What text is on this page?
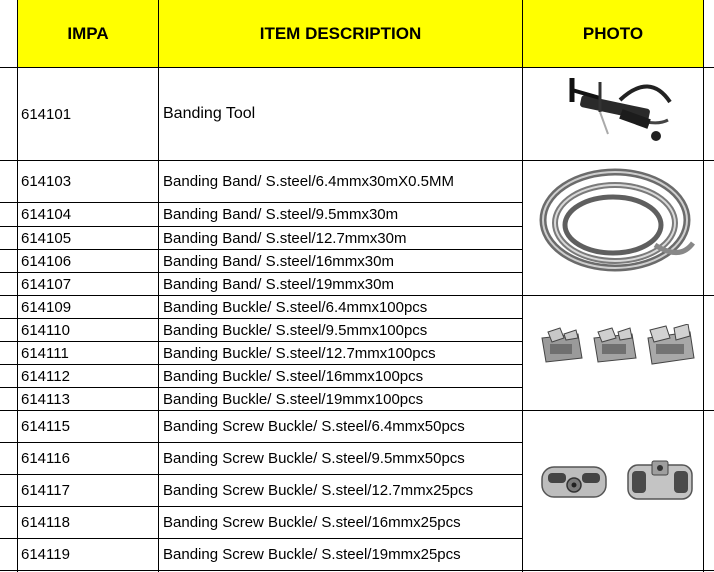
IMPA	ITEM DESCRIPTION	PHOTO
614101	Banding Tool
614103	Banding Band/ S.steel/6.4mmx30mX0.5MM
614104	Banding Band/ S.steel/9.5mmx30m
614105	Banding Band/ S.steel/12.7mmx30m
614106	Banding Band/ S.steel/16mmx30m
614107	Banding Band/ S.steel/19mmx30m
614109	Banding Buckle/ S.steel/6.4mmx100pcs
614110	Banding Buckle/ S.steel/9.5mmx100pcs
614111	Banding Buckle/ S.steel/12.7mmx100pcs
614112	Banding Buckle/ S.steel/16mmx100pcs
614113	Banding Buckle/ S.steel/19mmx100pcs
614115	Banding Screw Buckle/ S.steel/6.4mmx50pcs
614116	Banding Screw Buckle/ S.steel/9.5mmx50pcs
614117	Banding Screw Buckle/ S.steel/12.7mmx25pcs
614118	Banding Screw Buckle/ S.steel/16mmx25pcs
614119	Banding Screw Buckle/ S.steel/19mmx25pcs
